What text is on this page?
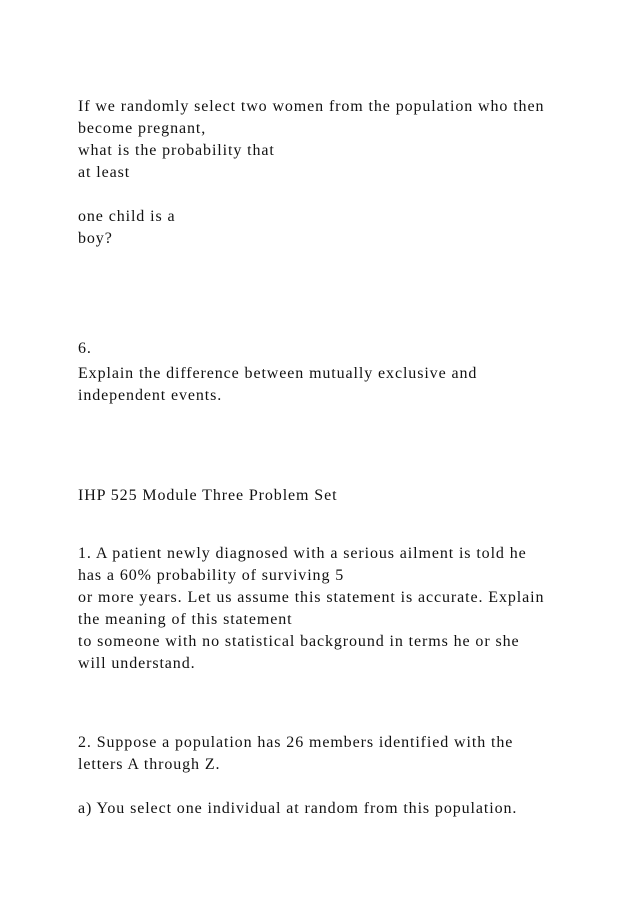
If we randomly select two women from the population who then
become pregnant,
what is the probability that
at least
one child is a
boy?
6.
Explain the difference between mutually exclusive and
independent events.
IHP 525 Module Three Problem Set
1. A patient newly diagnosed with a serious ailment is told he
has a 60% probability of surviving 5
or more years. Let us assume this statement is accurate. Explain
the meaning of this statement
to someone with no statistical background in terms he or she
will understand.
2. Suppose a population has 26 members identified with the
letters A through Z.
a) You select one individual at random from this population.
